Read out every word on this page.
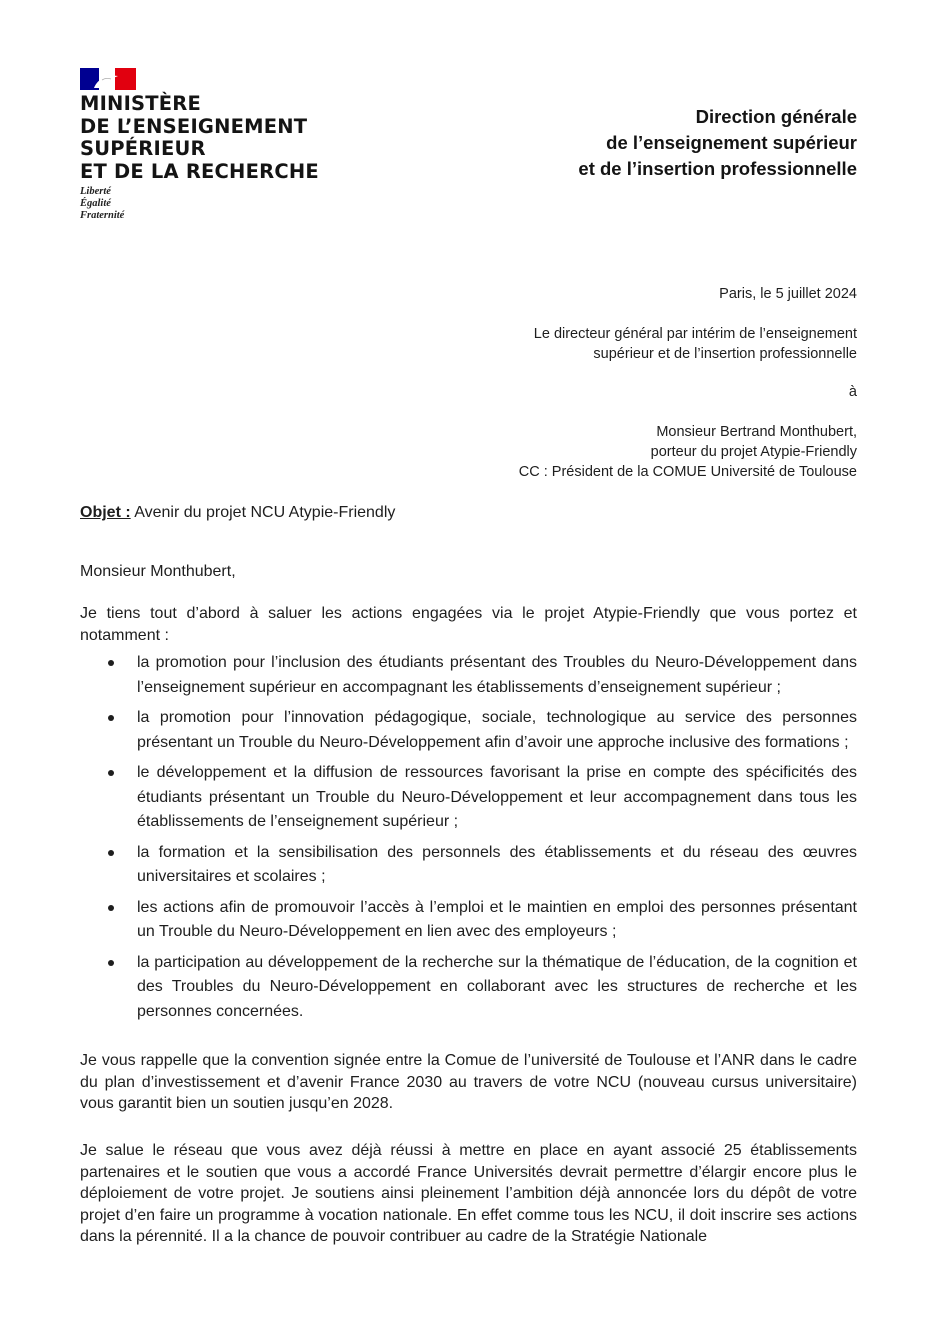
MINISTÈRE
DE L’ENSEIGNEMENT
SUPÉRIEUR
ET DE LA RECHERCHE
Liberté
Égalité
Fraternité
Direction générale
de l’enseignement supérieur
et de l’insertion professionnelle
Paris, le 5 juillet 2024
Le directeur général par intérim de l’enseignement
supérieur et de l’insertion professionnelle
à
Monsieur Bertrand Monthubert,
porteur du projet Atypie-Friendly
CC : Président de la COMUE Université de Toulouse
Objet : Avenir du projet NCU Atypie-Friendly
Monsieur Monthubert,
Je tiens tout d’abord à saluer les actions engagées via le projet Atypie-Friendly que vous portez et notamment :
la promotion pour l’inclusion des étudiants présentant des Troubles du Neuro-Développement dans l’enseignement supérieur en accompagnant les établissements d’enseignement supérieur ;
la promotion pour l’innovation pédagogique, sociale, technologique au service des personnes présentant un Trouble du Neuro-Développement afin d’avoir une approche inclusive des formations ;
le développement et la diffusion de ressources favorisant la prise en compte des spécificités des étudiants présentant un Trouble du Neuro-Développement et leur accompagnement dans tous les établissements de l’enseignement supérieur ;
la formation et la sensibilisation des personnels des établissements et du réseau des œuvres universitaires et scolaires ;
les actions afin de promouvoir l’accès à l’emploi et le maintien en emploi des personnes présentant un Trouble du Neuro-Développement en lien avec des employeurs ;
la participation au développement de la recherche sur la thématique de l’éducation, de la cognition et des Troubles du Neuro-Développement en collaborant avec les structures de recherche et les personnes concernées.
Je vous rappelle que la convention signée entre la Comue de l’université de Toulouse et l’ANR dans le cadre du plan d’investissement et d’avenir France 2030 au travers de votre NCU (nouveau cursus universitaire) vous garantit bien un soutien jusqu’en 2028.
Je salue le réseau que vous avez déjà réussi à mettre en place en ayant associé 25 établissements partenaires et le soutien que vous a accordé France Universités devrait permettre d’élargir encore plus le déploiement de votre projet. Je soutiens ainsi pleinement l’ambition déjà annoncée lors du dépôt de votre projet d’en faire un programme à vocation nationale. En effet comme tous les NCU, il doit inscrire ses actions dans la pérennité. Il a la chance de pouvoir contribuer au cadre de la Stratégie Nationale
